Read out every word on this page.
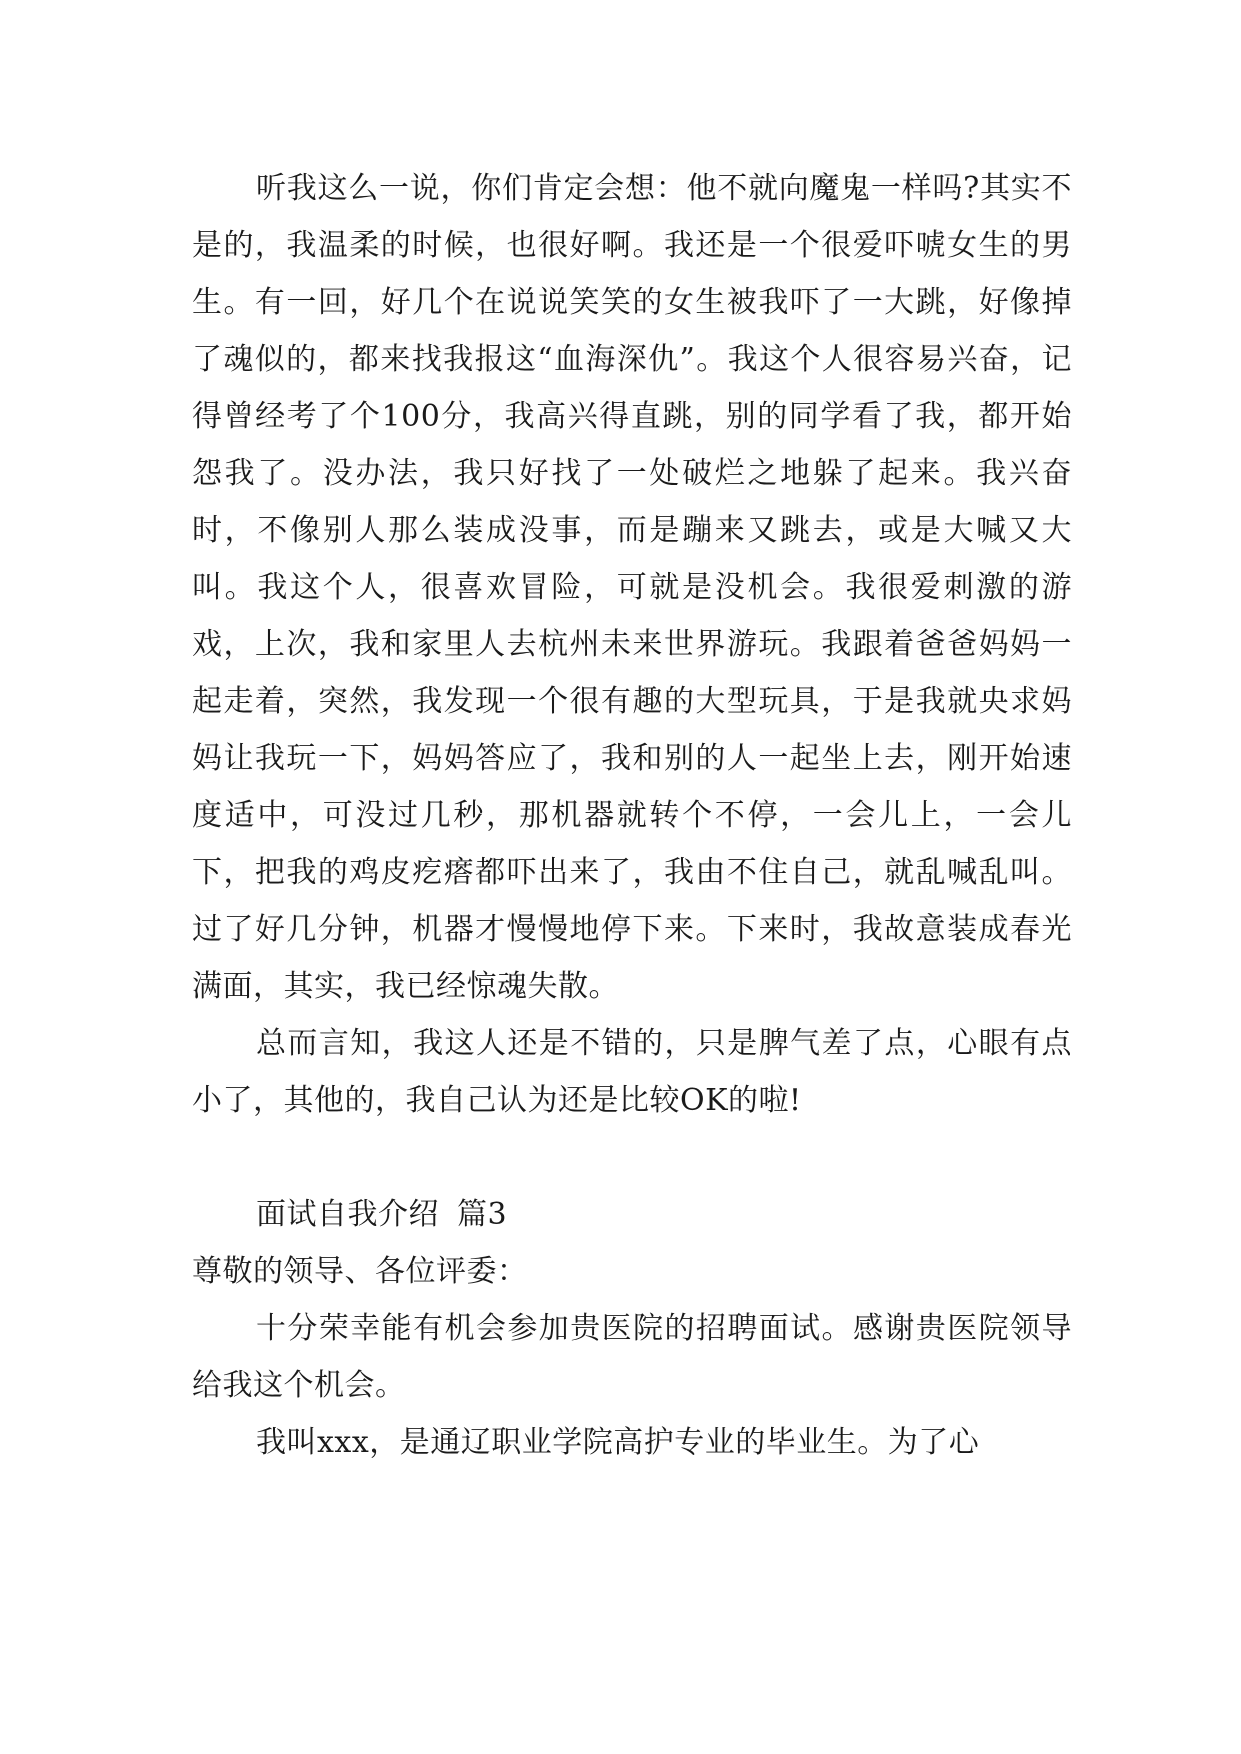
听我这么一说，你们肯定会想：他不就向魔鬼一样吗?其实不是的，我温柔的时候，也很好啊。我还是一个很爱吓唬女生的男生。有一回，好几个在说说笑笑的女生被我吓了一大跳，好像掉了魂似的，都来找我报这“血海深仇”。我这个人很容易兴奋，记得曾经考了个100分，我高兴得直跳，别的同学看了我，都开始怨我了。没办法，我只好找了一处破烂之地躲了起来。我兴奋时，不像别人那么装成没事，而是蹦来又跳去，或是大喊又大叫。我这个人，很喜欢冒险，可就是没机会。我很爱刺激的游戏，上次，我和家里人去杭州未来世界游玩。我跟着爸爸妈妈一起走着，突然，我发现一个很有趣的大型玩具，于是我就央求妈妈让我玩一下，妈妈答应了，我和别的人一起坐上去，刚开始速度适中，可没过几秒，那机器就转个不停，一会儿上，一会儿下，把我的鸡皮疙瘩都吓出来了，我由不住自己，就乱喊乱叫。过了好几分钟，机器才慢慢地停下来。下来时，我故意装成春光满面，其实，我已经惊魂失散。

总而言知，我这人还是不错的，只是脾气差了点，心眼有点小了，其他的，我自己认为还是比较OK的啦!

面试自我介绍 篇3

尊敬的领导、各位评委：

十分荣幸能有机会参加贵医院的招聘面试。感谢贵医院领导给我这个机会。

我叫xxx，是通辽职业学院高护专业的毕业生。为了心
